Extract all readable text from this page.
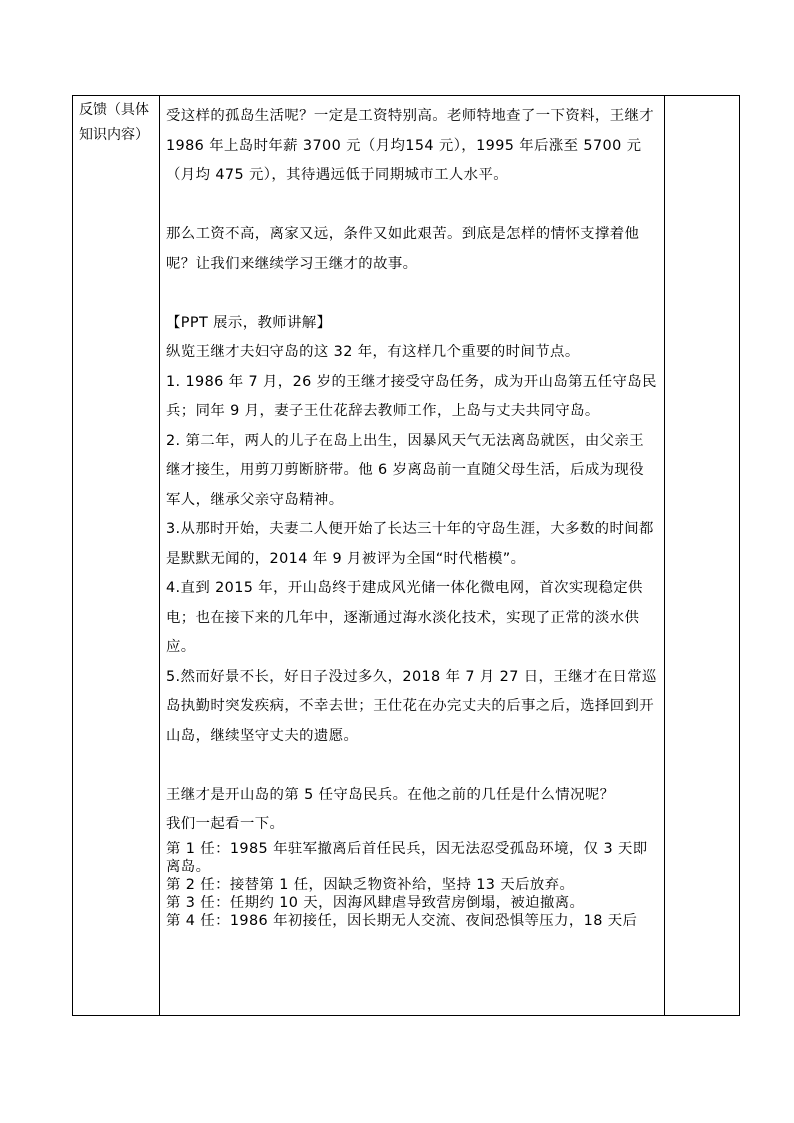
反馈（具体知识内容）

受这样的孤岛生活呢？一定是工资特别高。老师特地查了一下资料，王继才 1986 年上岛时年薪 3700 元（月均154 元），1995 年后涨至 5700 元（月均 475 元），其待遇远低于同期城市工人水平。
那么工资不高，离家又远，条件又如此艰苦。到底是怎样的情怀支撑着他呢？让我们来继续学习王继才的故事。
【PPT 展示，教师讲解】
纵览王继才夫妇守岛的这 32 年，有这样几个重要的时间节点。
1. 1986 年 7 月，26 岁的王继才接受守岛任务，成为开山岛第五任守岛民兵；同年 9 月，妻子王仕花辞去教师工作，上岛与丈夫共同守岛。
2. 第二年，两人的儿子在岛上出生，因暴风天气无法离岛就医，由父亲王继才接生，用剪刀剪断脐带。他 6 岁离岛前一直随父母生活，后成为现役军人，继承父亲守岛精神。
3.从那时开始，夫妻二人便开始了长达三十年的守岛生涯，大多数的时间都是默默无闻的，2014 年 9 月被评为全国“时代楷模”。
4.直到 2015 年，开山岛终于建成风光储一体化微电网，首次实现稳定供电；也在接下来的几年中，逐渐通过海水淡化技术，实现了正常的淡水供应。
5.然而好景不长，好日子没过多久，2018 年 7 月 27 日，王继才在日常巡岛执勤时突发疾病，不幸去世；王仕花在办完丈夫的后事之后，选择回到开山岛，继续坚守丈夫的遗愿。
王继才是开山岛的第 5 任守岛民兵。在他之前的几任是什么情况呢？
我们一起看一下。
第 1 任：1985 年驻军撤离后首任民兵，因无法忍受孤岛环境，仅 3 天即离岛。
第 2 任：接替第 1 任，因缺乏物资补给，坚持 13 天后放弃。
第 3 任：任期约 10 天，因海风肆虐导致营房倒塌，被迫撤离。
第 4 任：1986 年初接任，因长期无人交流、夜间恐惧等压力，18 天后
